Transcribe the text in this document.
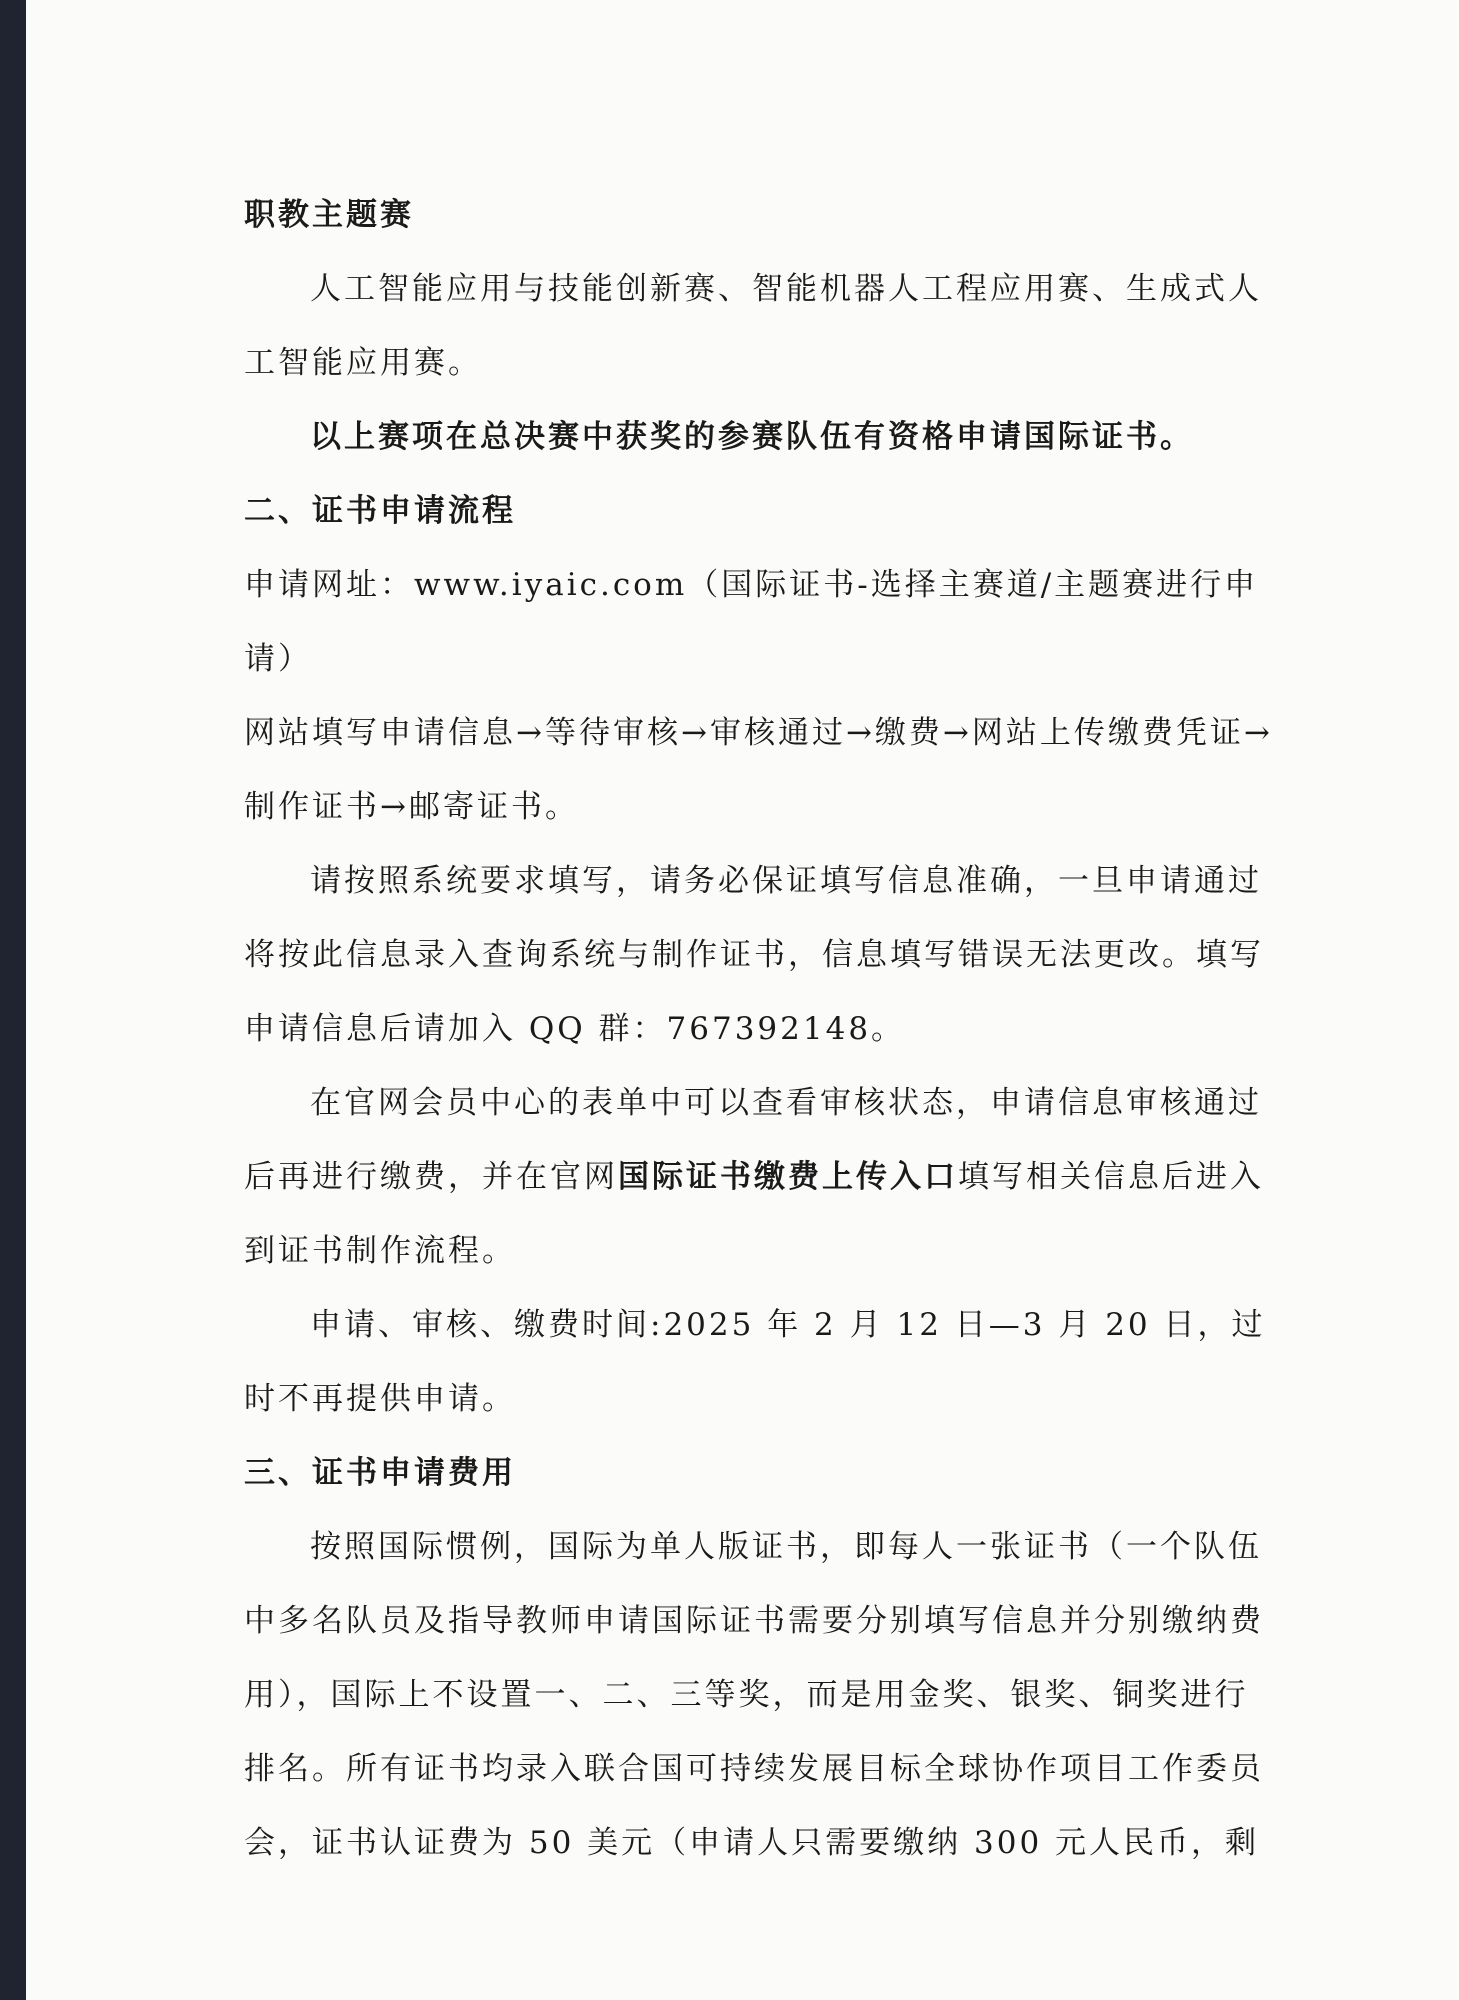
职教主题赛

人工智能应用与技能创新赛、智能机器人工程应用赛、生成式人工智能应用赛。

以上赛项在总决赛中获奖的参赛队伍有资格申请国际证书。

二、证书申请流程

申请网址：www.iyaic.com（国际证书-选择主赛道/主题赛进行申请）

网站填写申请信息→等待审核→审核通过→缴费→网站上传缴费凭证→制作证书→邮寄证书。

请按照系统要求填写，请务必保证填写信息准确，一旦申请通过将按此信息录入查询系统与制作证书，信息填写错误无法更改。填写申请信息后请加入 QQ 群：767392148。

在官网会员中心的表单中可以查看审核状态，申请信息审核通过后再进行缴费，并在官网国际证书缴费上传入口填写相关信息后进入到证书制作流程。

申请、审核、缴费时间:2025 年 2 月 12 日—3 月 20 日，过时不再提供申请。

三、证书申请费用

按照国际惯例，国际为单人版证书，即每人一张证书（一个队伍中多名队员及指导教师申请国际证书需要分别填写信息并分别缴纳费用），国际上不设置一、二、三等奖，而是用金奖、银奖、铜奖进行排名。所有证书均录入联合国可持续发展目标全球协作项目工作委员会，证书认证费为 50 美元（申请人只需要缴纳 300 元人民币，剩
